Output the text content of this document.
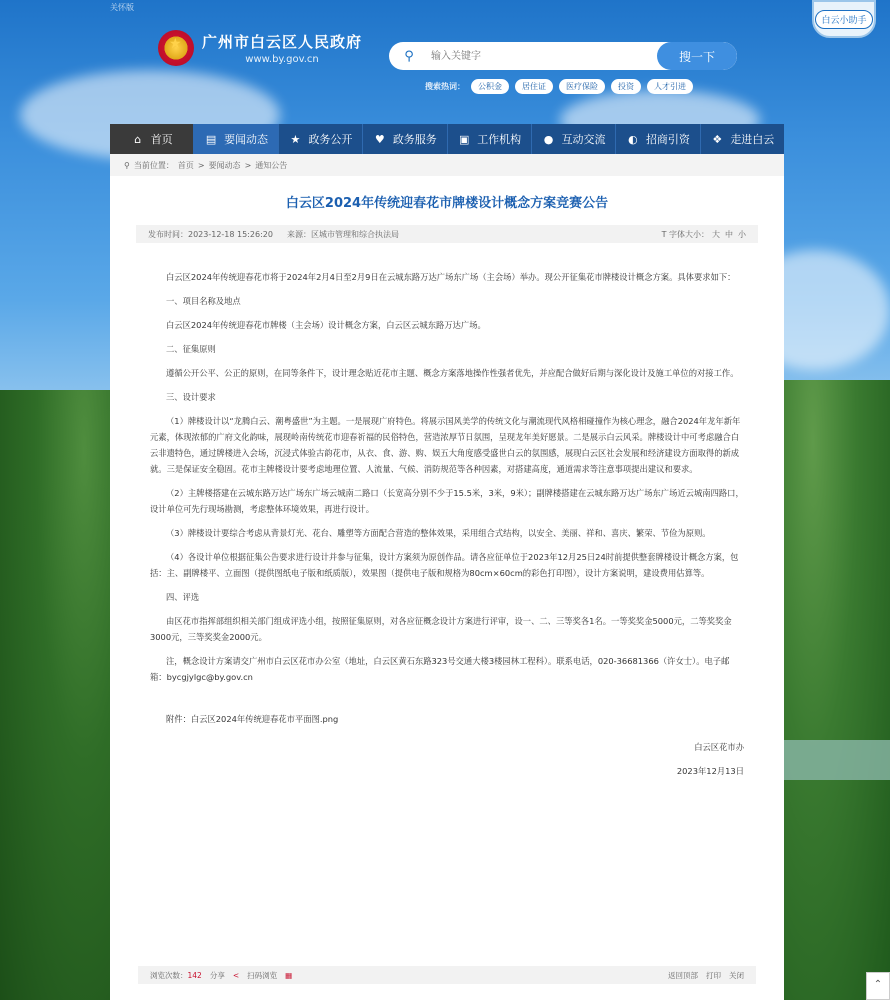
关怀版
白云小助手
★
广州市白云区人民政府
www.by.gov.cn	⚲
输入关键字	搜一下
搜索热词：	公积金	居住证	医疗保险	投资	人才引进
⌂ 首页	▤ 要闻动态 ★ 政务公开 ♥ 政务服务 ▣ 工作机构 ● 互动交流 ◐ 招商引资 ❖ 走进白云
⚲ 当前位置： 首页 > 要闻动态 > 通知公告
白云区2024年传统迎春花市牌楼设计概念方案竞赛公告
发布时间：2023-12-18 15:26:20 来源：区城市管理和综合执法局	T 字体大小： 大 中 小

白云区2024年传统迎春花市将于2024年2月4日至2月9日在云城东路万达广场东广场（主会场）举办。现公开征集花市牌楼设计概念方案。具体要求如下：

一、项目名称及地点

白云区2024年传统迎春花市牌楼（主会场）设计概念方案，白云区云城东路万达广场。

二、征集原则

遵循公开公平、公正的原则，在同等条件下，设计理念贴近花市主题、概念方案落地操作性强者优先，并应配合做好后期与深化设计及施工单位的对接工作。

三、设计要求

（1）牌楼设计以“龙腾白云、潮粤盛世”为主题。一是展现广府特色。将展示国风美学的传统文化与潮流现代风格相碰撞作为核心理念，融合2024年龙年新年元素，体现浓郁的广府文化韵味，展现岭南传统花市迎春祈福的民俗特色，营造浓厚节日氛围，呈现龙年美好愿景。二是展示白云风采。牌楼设计中可考虑融合白云非遗特色，通过牌楼进入会场，沉浸式体验古韵花市，从衣、食、游、购、娱五大角度感受盛世白云的氛围感，展现白云区社会发展和经济建设方面取得的新成就。三是保证安全稳固。花市主牌楼设计要考虑地理位置、人流量、气候、消防规范等各种因素，对搭建高度，通道需求等注意事项提出建议和要求。

（2）主牌楼搭建在云城东路万达广场东广场云城南二路口（长宽高分别不少于15.5米，3米，9米）；副牌楼搭建在云城东路万达广场东广场近云城南四路口，设计单位可先行现场勘测，考虑整体环境效果，再进行设计。

（3）牌楼设计要综合考虑从背景灯光、花台、雕塑等方面配合营造的整体效果，采用组合式结构，以安全、美丽、祥和、喜庆、繁荣、节俭为原则。

（4）各设计单位根据征集公告要求进行设计并参与征集，设计方案须为原创作品。请各应征单位于2023年12月25日24时前提供整套牌楼设计概念方案，包括：主、副牌楼平、立面图（提供图纸电子版和纸质版），效果图（提供电子版和规格为80cm×60cm的彩色打印图），设计方案说明，建设费用估算等。

四、评选

由区花市指挥部组织相关部门组成评选小组，按照征集原则，对各应征概念设计方案进行评审，设一、二、三等奖各1名。一等奖奖金5000元，二等奖奖金3000元，三等奖奖金2000元。

注，概念设计方案请交广州市白云区花市办公室（地址，白云区黄石东路323号交通大楼3楼园林工程科）。联系电话，020-36681366（许女士）。电子邮箱：bycgjylgc@by.gov.cn

附件：白云区2024年传统迎春花市平面图.png

白云区花市办
2023年12月13日
浏览次数： 142 分享 < 扫码浏览 ▦	返回顶部 打印 关闭
⌃
